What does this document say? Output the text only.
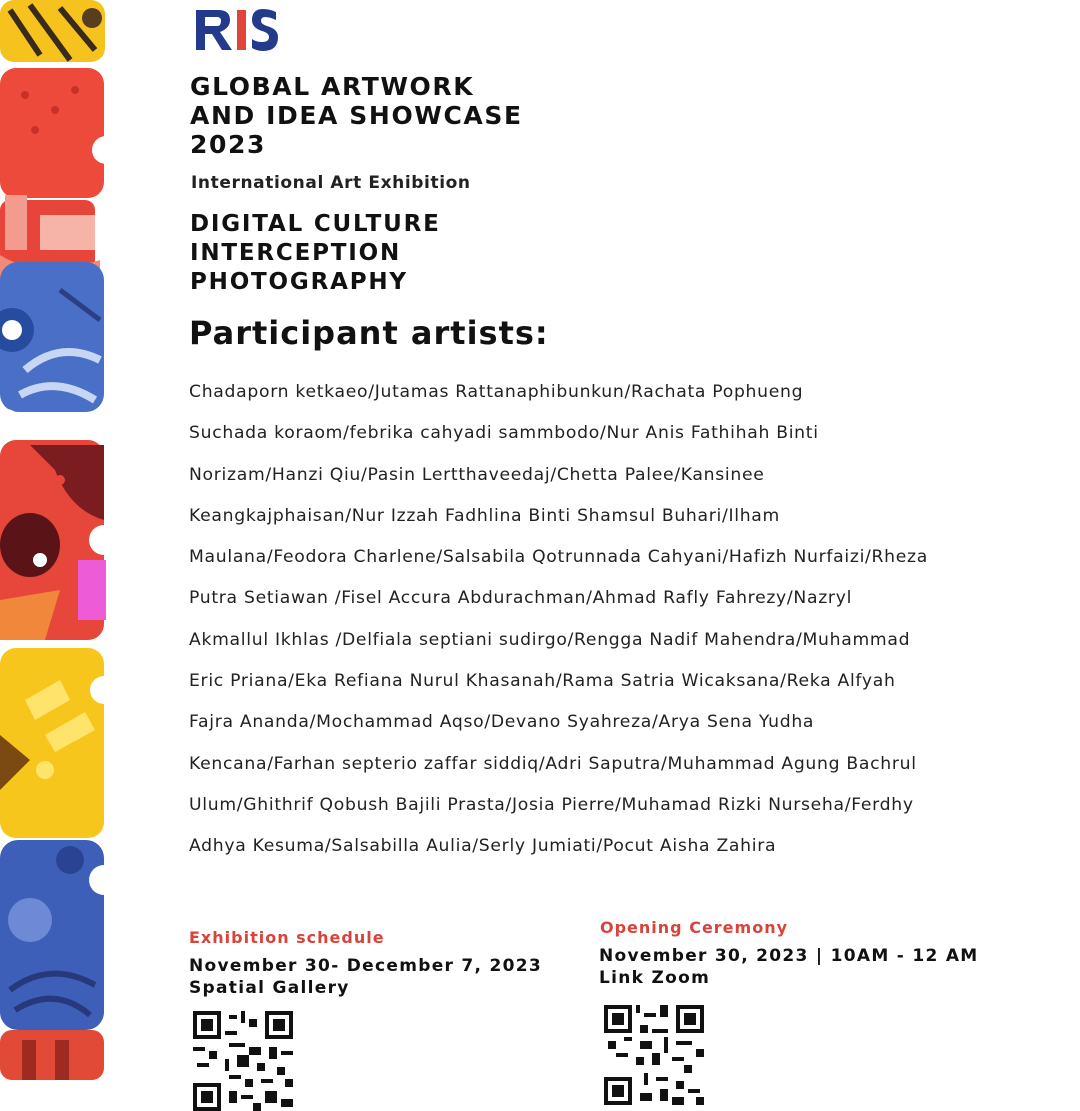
GLOBAL ARTWORK
AND IDEA SHOWCASE
2023
International Art Exhibition
DIGITAL CULTURE
INTERCEPTION
PHOTOGRAPHY
Participant artists:
Chadaporn ketkaeo/Jutamas Rattanaphibunkun/Rachata Pophueng
Suchada koraom/febrika cahyadi sammbodo/Nur Anis Fathihah Binti
Norizam/Hanzi Qiu/Pasin Lertthaveedaj/Chetta Palee/Kansinee
Keangkajphaisan/Nur Izzah Fadhlina Binti Shamsul Buhari/Ilham
Maulana/Feodora Charlene/Salsabila Qotrunnada Cahyani/Hafizh Nurfaizi/Rheza
Putra Setiawan /Fisel Accura Abdurachman/Ahmad Rafly Fahrezy/Nazryl
Akmallul Ikhlas /Delfiala septiani sudirgo/Rengga Nadif Mahendra/Muhammad
Eric Priana/Eka Refiana Nurul Khasanah/Rama Satria Wicaksana/Reka Alfyah
Fajra Ananda/Mochammad Aqso/Devano Syahreza/Arya Sena Yudha
Kencana/Farhan septerio zaffar siddiq/Adri Saputra/Muhammad Agung Bachrul
Ulum/Ghithrif Qobush Bajili Prasta/Josia Pierre/Muhamad Rizki Nurseha/Ferdhy
Adhya Kesuma/Salsabilla Aulia/Serly Jumiati/Pocut Aisha Zahira
Exhibition schedule
November 30- December 7, 2023
Spatial Gallery
Opening Ceremony
November 30, 2023 | 10AM - 12 AM
Link Zoom
